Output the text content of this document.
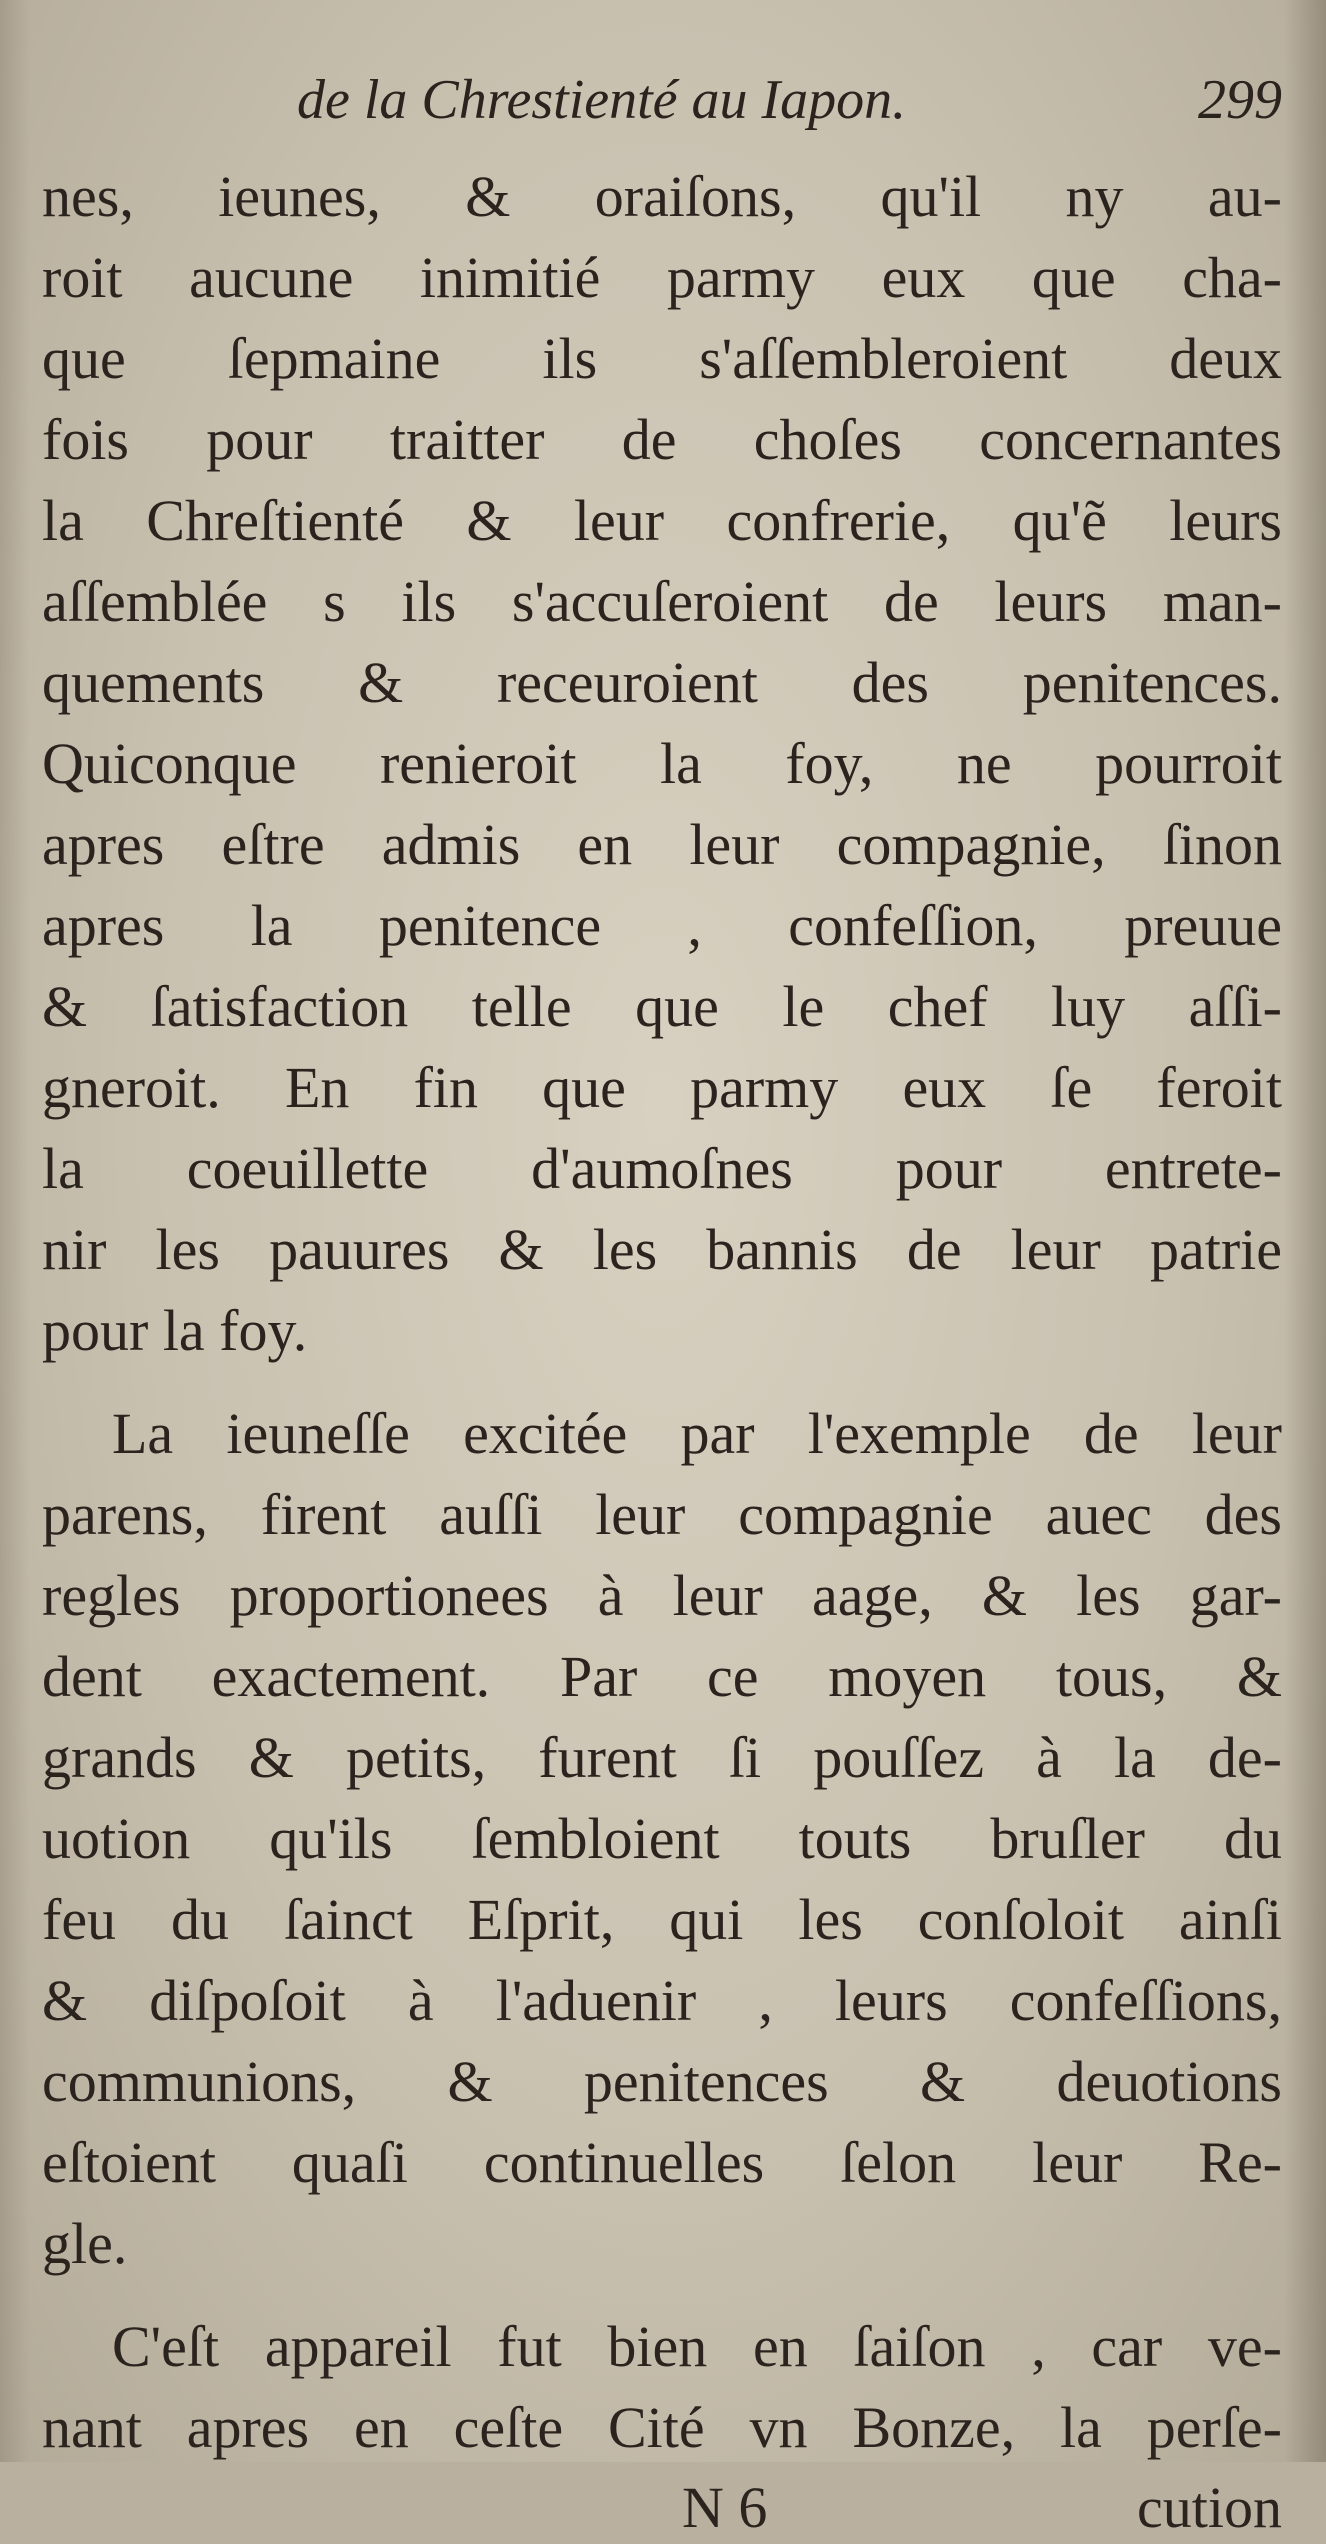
de la Chrestienté au Iapon.	299
nes, ieunes, & oraiſons, qu'il ny au-
roit aucune inimitié parmy eux que cha-
que ſepmaine ils s'aſſembleroient deux
fois pour traitter de choſes concernantes
la Chreſtienté & leur confrerie, qu'ẽ leurs
aſſemblée s ils s'accuſeroient de leurs man-
quements & receuroient des penitences.
Quiconque renieroit la foy, ne pourroit
apres eſtre admis en leur compagnie, ſinon
apres la penitence , confeſſion, preuue
& ſatisfaction telle que le chef luy aſſi-
gneroit. En fin que parmy eux ſe feroit
la coeuillette d'aumoſnes pour entrete-
nir les pauures & les bannis de leur patrie
pour la foy.
La ieuneſſe excitée par l'exemple de leur
parens, firent auſſi leur compagnie auec des
regles proportionees à leur aage, & les gar-
dent exactement. Par ce moyen tous, &
grands & petits, furent ſi pouſſez à la de-
uotion qu'ils ſembloient touts bruſler du
feu du ſainct Eſprit, qui les conſoloit ainſi
& diſpoſoit à l'aduenir , leurs confeſſions,
communions, & penitences & deuotions
eſtoient quaſi continuelles ſelon leur Re-
gle.
C'eſt appareil fut bien en ſaiſon , car ve-
nant apres en ceſte Cité vn Bonze, la perſe-
N 6	cution
